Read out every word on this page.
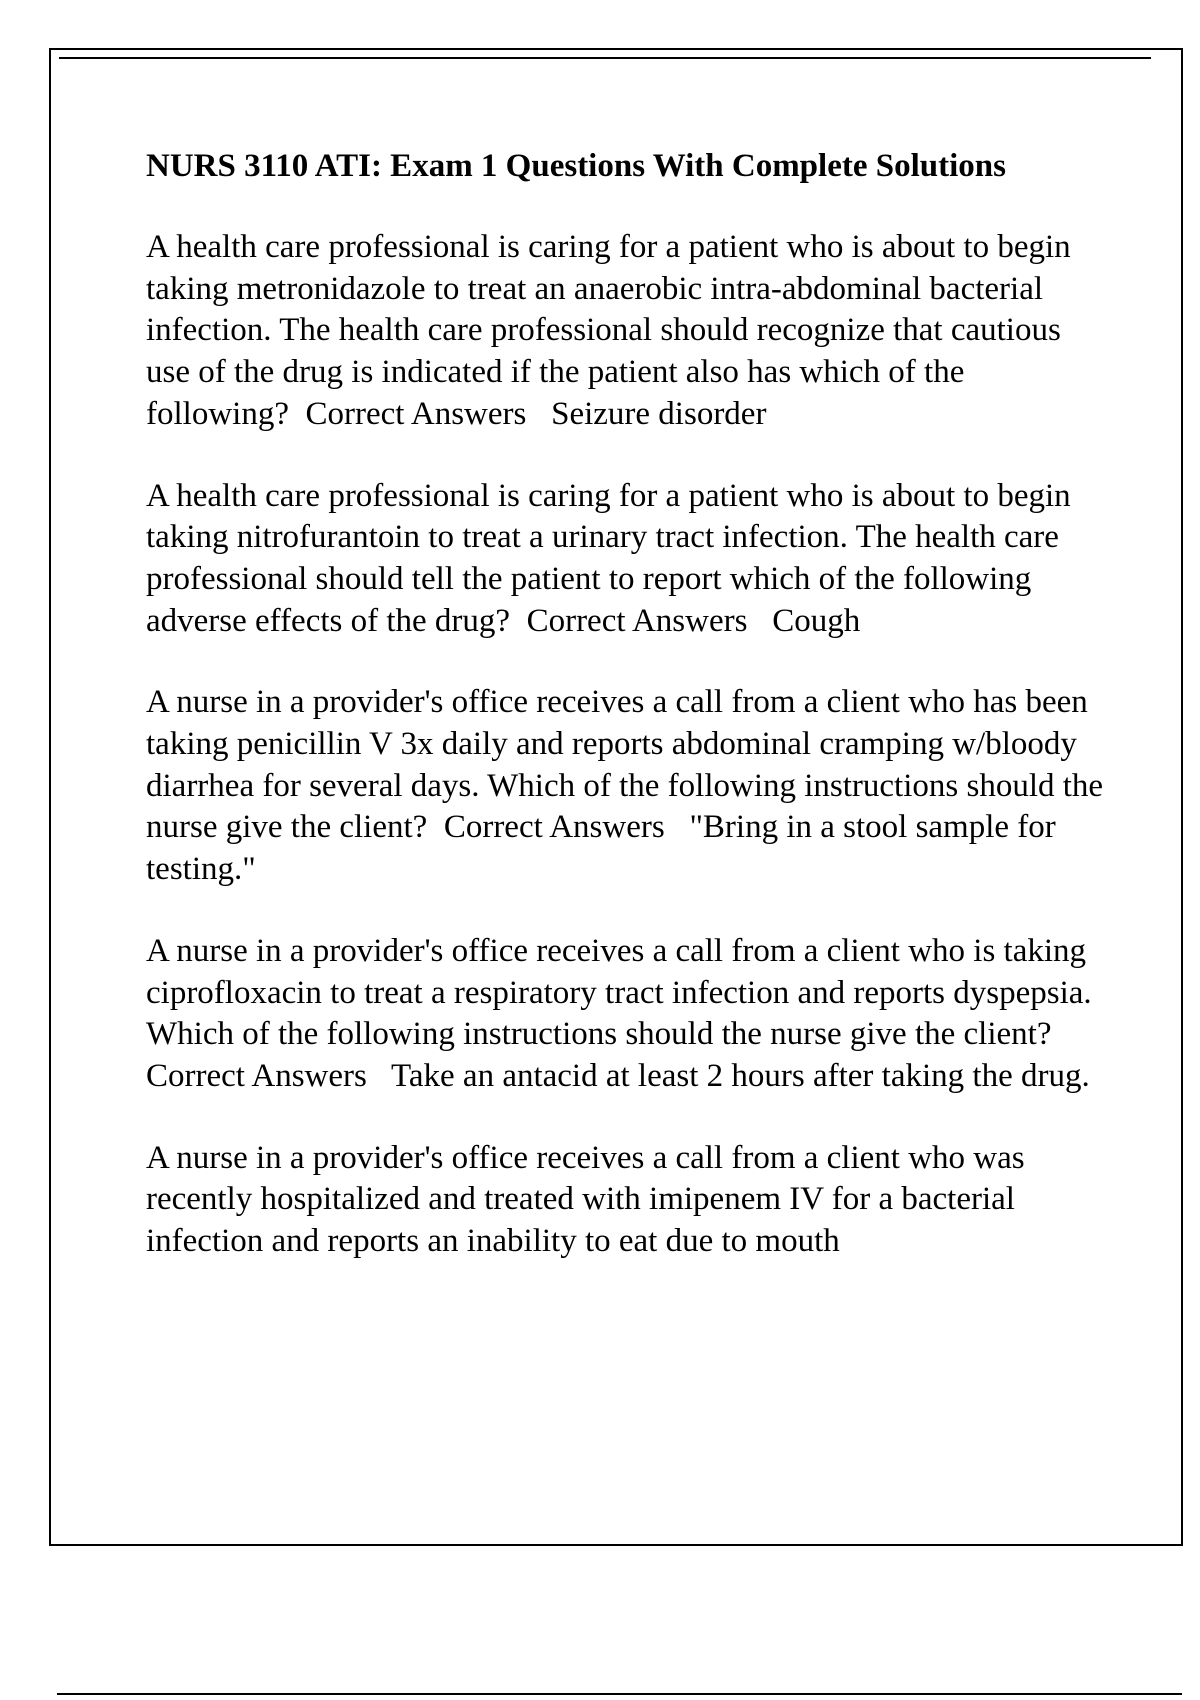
NURS 3110 ATI: Exam 1 Questions With Complete Solutions
A health care professional is caring for a patient who is about to begin taking metronidazole to treat an anaerobic intra-abdominal bacterial infection. The health care professional should recognize that cautious use of the drug is indicated if the patient also has which of the following? Correct Answers Seizure disorder
A health care professional is caring for a patient who is about to begin taking nitrofurantoin to treat a urinary tract infection. The health care professional should tell the patient to report which of the following adverse effects of the drug? Correct Answers Cough
A nurse in a provider's office receives a call from a client who has been taking penicillin V 3x daily and reports abdominal cramping w/bloody diarrhea for several days. Which of the following instructions should the nurse give the client? Correct Answers "Bring in a stool sample for testing."
A nurse in a provider's office receives a call from a client who is taking ciprofloxacin to treat a respiratory tract infection and reports dyspepsia. Which of the following instructions should the nurse give the client?  Correct Answers Take an antacid at least 2 hours after taking the drug.
A nurse in a provider's office receives a call from a client who was recently hospitalized and treated with imipenem IV for a bacterial infection and reports an inability to eat due to mouth
